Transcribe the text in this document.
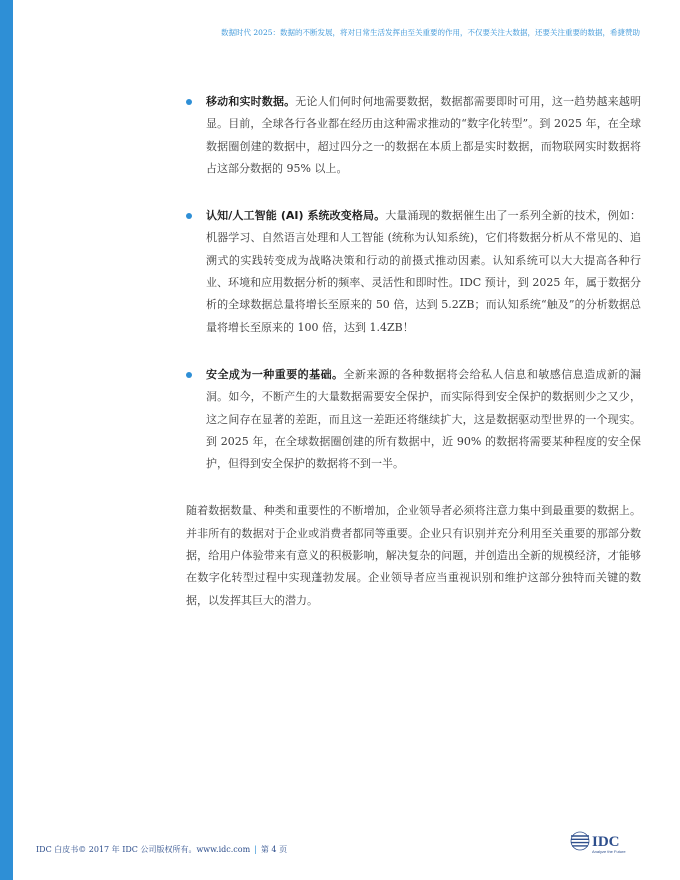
数据时代 2025：数据的不断发展，将对日常生活发挥由至关重要的作用，不仅要关注大数据，还要关注重要的数据，希捷赞助
移动和实时数据。无论人们何时何地需要数据，数据都需要即时可用，这一趋势越来越明显。目前，全球各行各业都在经历由这种需求推动的“数字化转型”。到 2025 年，在全球数据圈创建的数据中，超过四分之一的数据在本质上都是实时数据，而物联网实时数据将占这部分数据的 95% 以上。
认知/人工智能 (AI) 系统改变格局。大量涌现的数据催生出了一系列全新的技术，例如：机器学习、自然语言处理和人工智能 (统称为认知系统)，它们将数据分析从不常见的、追溯式的实践转变成为战略决策和行动的前摄式推动因素。认知系统可以大大提高各种行业、环境和应用数据分析的频率、灵活性和即时性。IDC 预计，到 2025 年，属于数据分析的全球数据总量将增长至原来的 50 倍，达到 5.2ZB；而认知系统“触及”的分析数据总量将增长至原来的 100 倍，达到 1.4ZB！
安全成为一种重要的基础。全新来源的各种数据将会给私人信息和敏感信息造成新的漏洞。如今，不断产生的大量数据需要安全保护，而实际得到安全保护的数据则少之又少，这之间存在显著的差距，而且这一差距还将继续扩大，这是数据驱动型世界的一个现实。到 2025 年，在全球数据圈创建的所有数据中，近 90% 的数据将需要某种程度的安全保护，但得到安全保护的数据将不到一半。
随着数据数量、种类和重要性的不断增加，企业领导者必须将注意力集中到最重要的数据上。并非所有的数据对于企业或消费者都同等重要。企业只有识别并充分利用至关重要的那部分数据，给用户体验带来有意义的积极影响，解决复杂的问题，并创造出全新的规模经济，才能够在数字化转型过程中实现蓬勃发展。企业领导者应当重视识别和维护这部分独特而关键的数据，以发挥其巨大的潜力。
IDC 白皮书© 2017 年 IDC 公司版权所有。www.idc.com | 第 4 页	IDC
Analyze the Future
